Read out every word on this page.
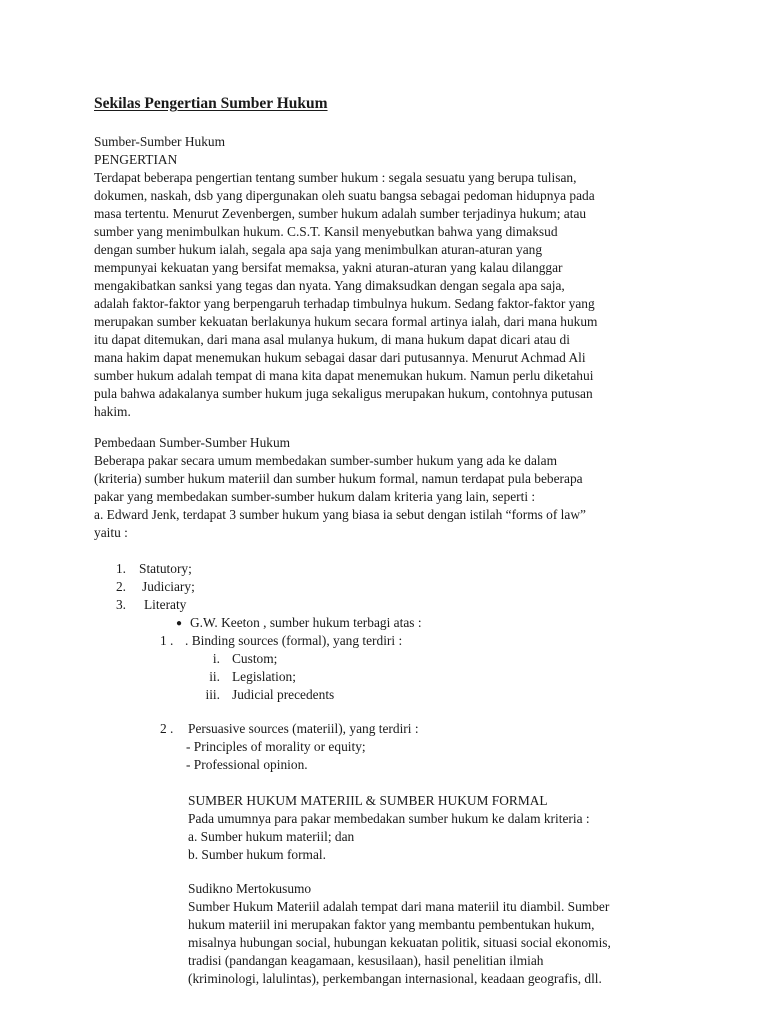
Sekilas Pengertian Sumber Hukum
Sumber-Sumber Hukum
PENGERTIAN
Terdapat beberapa pengertian tentang sumber hukum : segala sesuatu yang berupa tulisan,
dokumen, naskah, dsb yang dipergunakan oleh suatu bangsa sebagai pedoman hidupnya pada
masa tertentu. Menurut Zevenbergen, sumber hukum adalah sumber terjadinya hukum; atau
sumber yang menimbulkan hukum. C.S.T. Kansil menyebutkan bahwa yang dimaksud
dengan sumber hukum ialah, segala apa saja yang menimbulkan aturan-aturan yang
mempunyai kekuatan yang bersifat memaksa, yakni aturan-aturan yang kalau dilanggar
mengakibatkan sanksi yang tegas dan nyata. Yang dimaksudkan dengan segala apa saja,
adalah faktor-faktor yang berpengaruh terhadap timbulnya hukum. Sedang faktor-faktor yang
merupakan sumber kekuatan berlakunya hukum secara formal artinya ialah, dari mana hukum
itu dapat ditemukan, dari mana asal mulanya hukum, di mana hukum dapat dicari atau di
mana hakim dapat menemukan hukum sebagai dasar dari putusannya. Menurut Achmad Ali
sumber hukum adalah tempat di mana kita dapat menemukan hukum. Namun perlu diketahui
pula bahwa adakalanya sumber hukum juga sekaligus merupakan hukum, contohnya putusan
hakim.
Pembedaan Sumber-Sumber Hukum
Beberapa pakar secara umum membedakan sumber-sumber hukum yang ada ke dalam
(kriteria) sumber hukum materiil dan sumber hukum formal, namun terdapat pula beberapa
pakar yang membedakan sumber-sumber hukum dalam kriteria yang lain, seperti :
a. Edward Jenk, terdapat 3 sumber hukum yang biasa ia sebut dengan istilah “forms of law”
yaitu :
1. Statutory;
2. Judiciary;
3. Literaty
● G.W. Keeton , sumber hukum terbagi atas :
1 . . Binding sources (formal), yang terdiri :
i. Custom;
ii. Legislation;
iii. Judicial precedents
2 .	Persuasive sources (materiil), yang terdiri :
- Principles of morality or equity;
- Professional opinion.
SUMBER HUKUM MATERIIL & SUMBER HUKUM FORMAL
Pada umumnya para pakar membedakan sumber hukum ke dalam kriteria :
a. Sumber hukum materiil; dan
b. Sumber hukum formal.
Sudikno Mertokusumo
Sumber Hukum Materiil adalah tempat dari mana materiil itu diambil. Sumber
hukum materiil ini merupakan faktor yang membantu pembentukan hukum,
misalnya hubungan social, hubungan kekuatan politik, situasi social ekonomis,
tradisi (pandangan keagamaan, kesusilaan), hasil penelitian ilmiah
(kriminologi, lalulintas), perkembangan internasional, keadaan geografis, dll.
